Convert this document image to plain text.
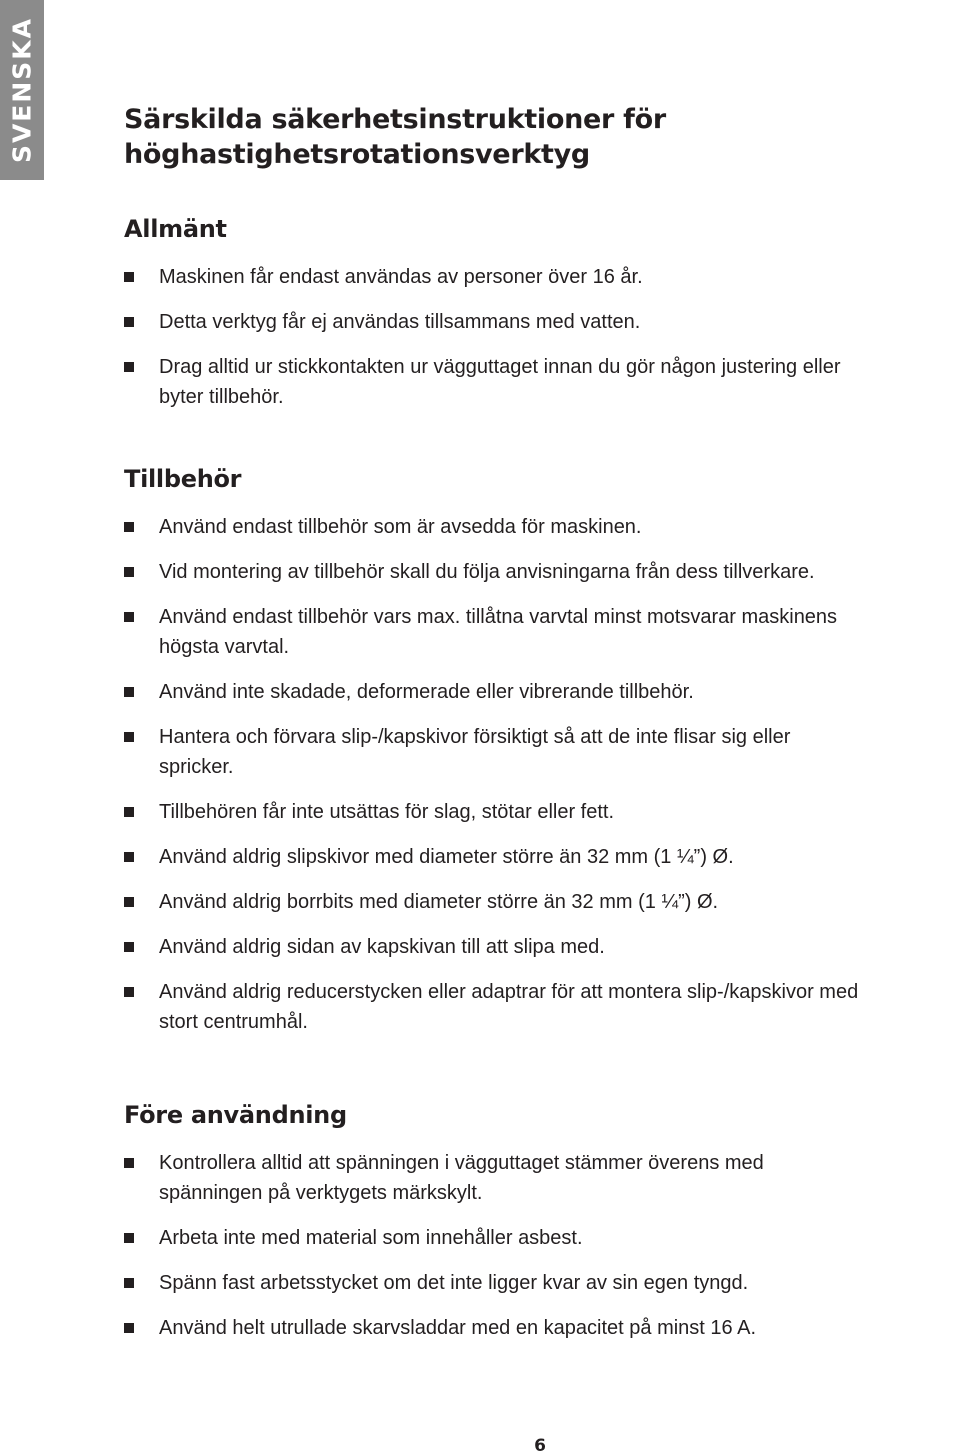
SVENSKA	Särskilda säkerhetsinstruktioner för
höghastighetsrotationsverktyg
Allmänt
Maskinen får endast användas av personer över 16 år.
Detta verktyg får ej användas tillsammans med vatten.
Drag alltid ur stickkontakten ur vägguttaget innan du gör någon justering eller
byter tillbehör.
Tillbehör
Använd endast tillbehör som är avsedda för maskinen.
Vid montering av tillbehör skall du följa anvisningarna från dess tillverkare.
Använd endast tillbehör vars max. tillåtna varvtal minst motsvarar maskinens
högsta varvtal.
Använd inte skadade, deformerade eller vibrerande tillbehör.
Hantera och förvara slip-/kapskivor försiktigt så att de inte flisar sig eller
spricker.
Tillbehören får inte utsättas för slag, stötar eller fett.
Använd aldrig slipskivor med diameter större än 32 mm (1 ¼”) Ø.
Använd aldrig borrbits med diameter större än 32 mm (1 ¼”) Ø.
Använd aldrig sidan av kapskivan till att slipa med.
Använd aldrig reducerstycken eller adaptrar för att montera slip-/kapskivor med
stort centrumhål.
Före användning
Kontrollera alltid att spänningen i vägguttaget stämmer överens med
spänningen på verktygets märkskylt.
Arbeta inte med material som innehåller asbest.
Spänn fast arbetsstycket om det inte ligger kvar av sin egen tyngd.
Använd helt utrullade skarvsladdar med en kapacitet på minst 16 A.
6
